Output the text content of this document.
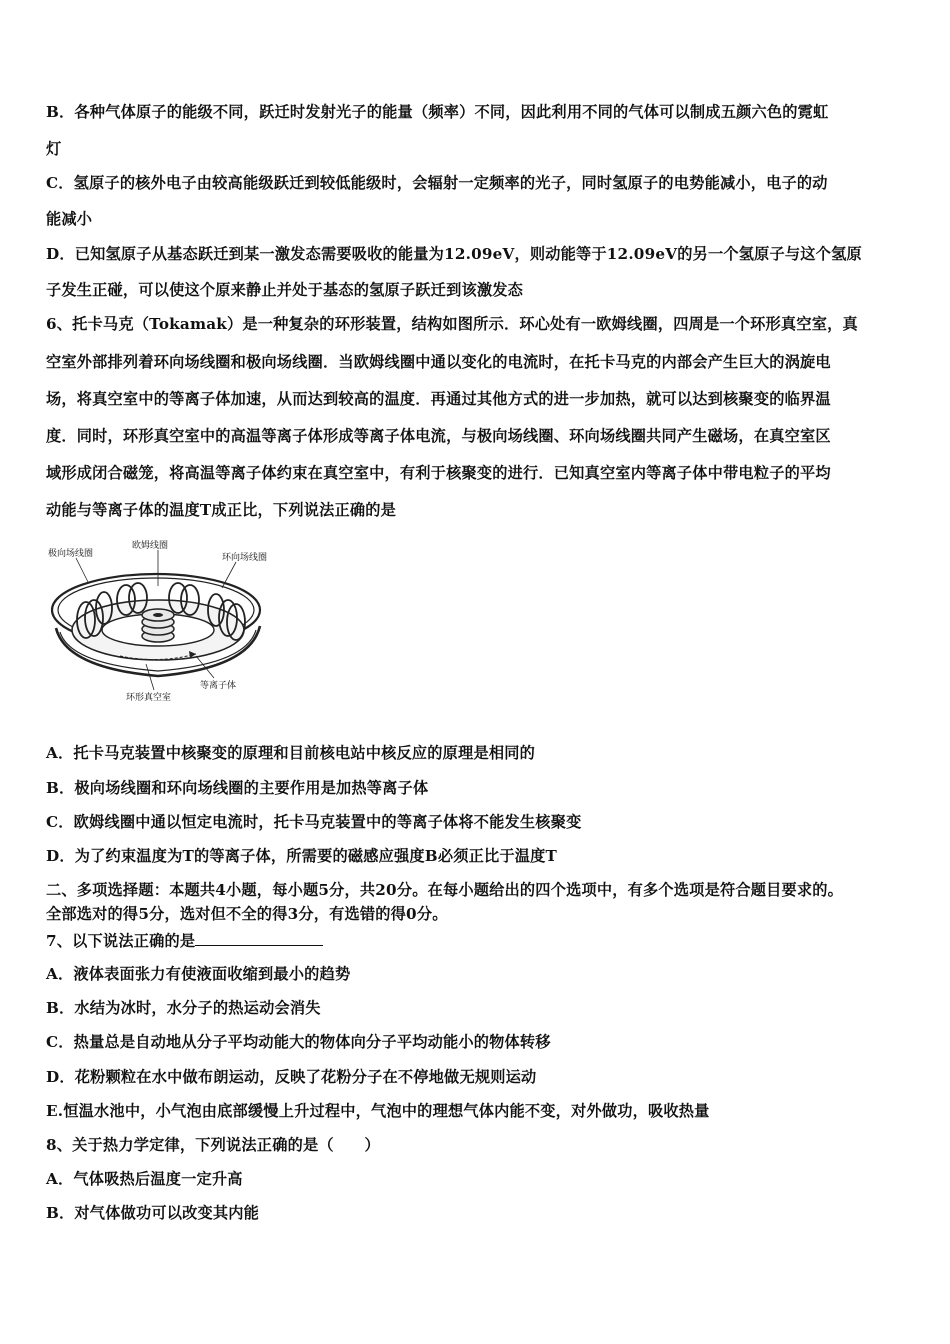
B．各种气体原子的能级不同，跃迁时发射光子的能量（频率）不同，因此利用不同的气体可以制成五颜六色的霓虹
灯
C．氢原子的核外电子由较高能级跃迁到较低能级时，会辐射一定频率的光子，同时氢原子的电势能减小，电子的动
能减小
D．已知氢原子从基态跃迁到某一激发态需要吸收的能量为12.09eV，则动能等于12.09eV的另一个氢原子与这个氢原
子发生正碰，可以使这个原来静止并处于基态的氢原子跃迁到该激发态
6、托卡马克（Tokamak）是一种复杂的环形装置，结构如图所示．环心处有一欧姆线圈，四周是一个环形真空室，真
空室外部排列着环向场线圈和极向场线圈．当欧姆线圈中通以变化的电流时，在托卡马克的内部会产生巨大的涡旋电
场，将真空室中的等离子体加速，从而达到较高的温度．再通过其他方式的进一步加热，就可以达到核聚变的临界温
度．同时，环形真空室中的高温等离子体形成等离子体电流，与极向场线圈、环向场线圈共同产生磁场，在真空室区
域形成闭合磁笼，将高温等离子体约束在真空室中，有利于核聚变的进行．已知真空室内等离子体中带电粒子的平均
动能与等离子体的温度T成正比，下列说法正确的是
极向场线圈
欧姆线圈
环向场线圈
等离子体
环形真空室
A．托卡马克装置中核聚变的原理和目前核电站中核反应的原理是相同的
B．极向场线圈和环向场线圈的主要作用是加热等离子体
C．欧姆线圈中通以恒定电流时，托卡马克装置中的等离子体将不能发生核聚变
D．为了约束温度为T的等离子体，所需要的磁感应强度B必须正比于温度T
二、多项选择题：本题共4小题，每小题5分，共20分。在每小题给出的四个选项中，有多个选项是符合题目要求的。
全部选对的得5分，选对但不全的得3分，有选错的得0分。
7、以下说法正确的是
A．液体表面张力有使液面收缩到最小的趋势
B．水结为冰时，水分子的热运动会消失
C．热量总是自动地从分子平均动能大的物体向分子平均动能小的物体转移
D．花粉颗粒在水中做布朗运动，反映了花粉分子在不停地做无规则运动
E.恒温水池中，小气泡由底部缓慢上升过程中，气泡中的理想气体内能不变，对外做功，吸收热量
8、关于热力学定律，下列说法正确的是（　　）
A．气体吸热后温度一定升高
B．对气体做功可以改变其内能
